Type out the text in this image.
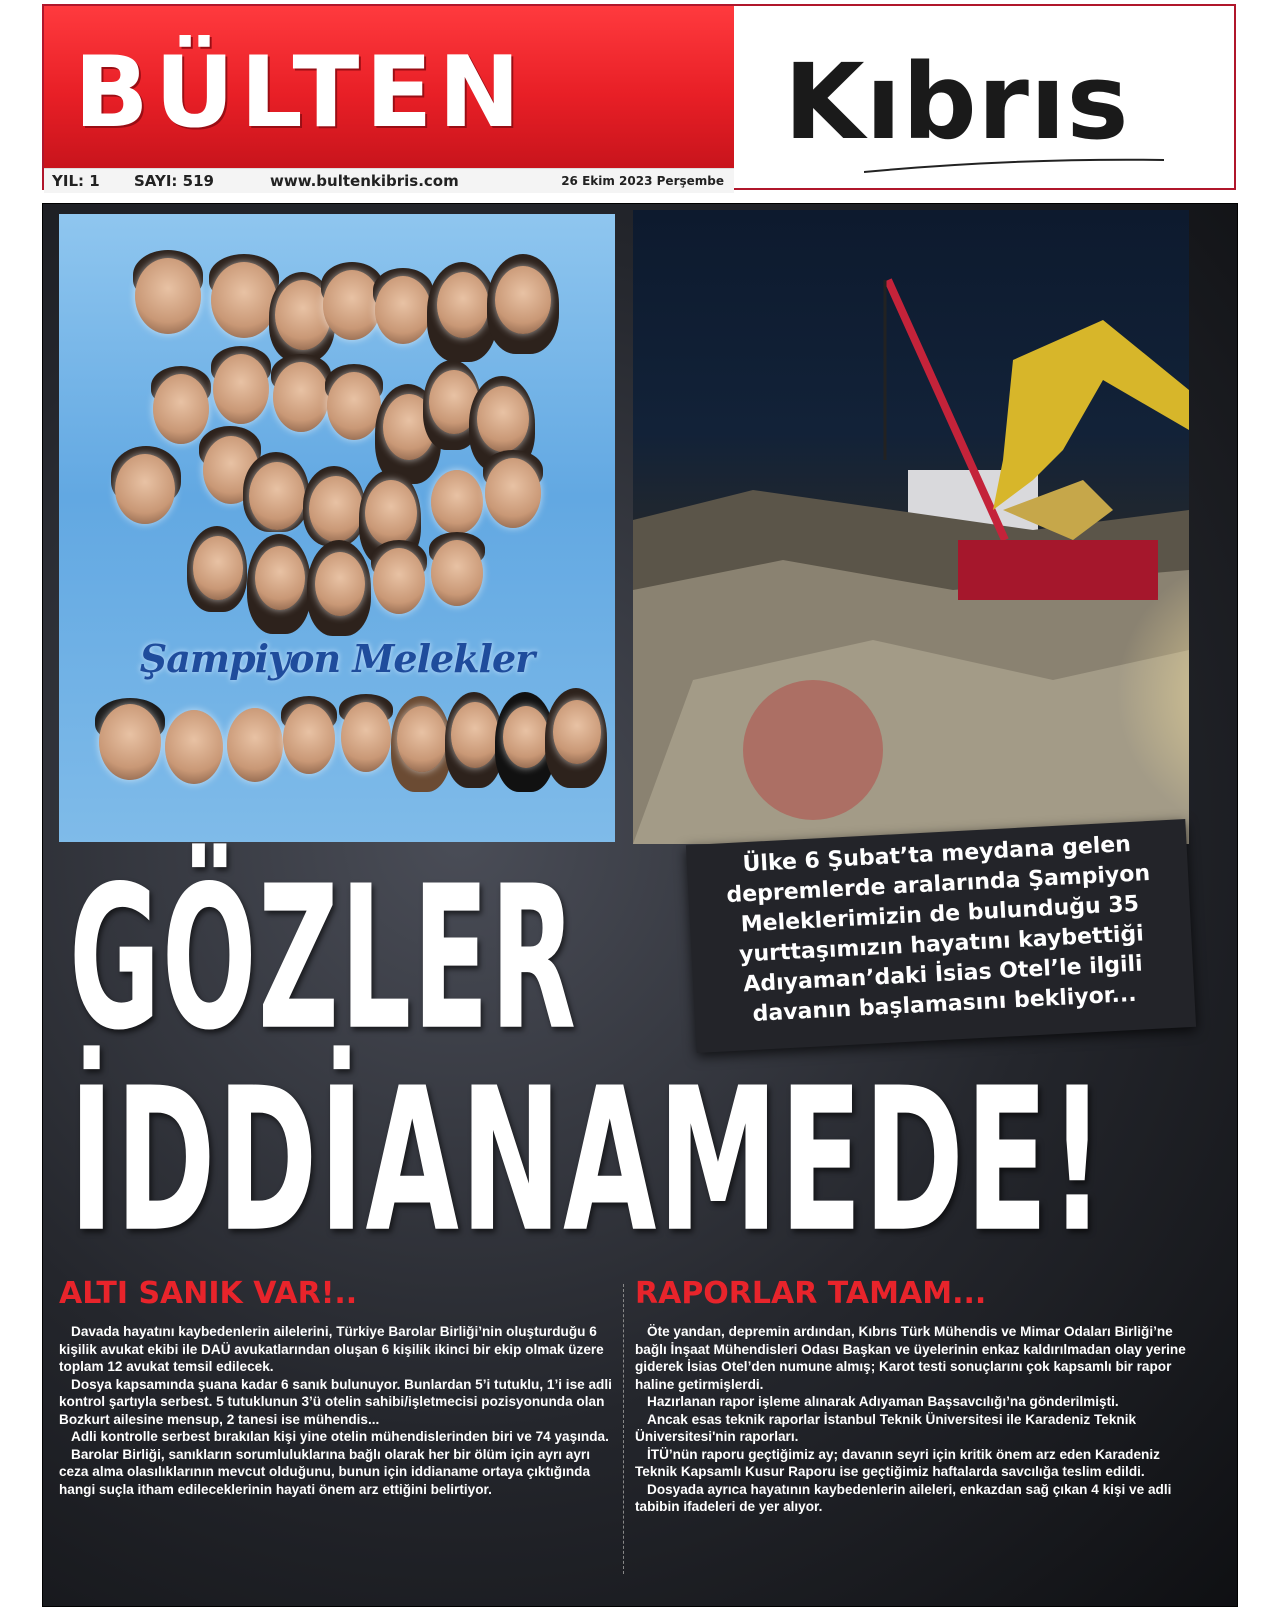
BÜLTEN Kıbrıs
YIL: 1 SAYI: 519	www.bultenkibris.com	26 Ekim 2023 Perşembe
Şampiyon Melekler
GÖZLER
İDDİANAMEDE!
Ülke 6 Şubat’ta meydana gelen depremlerde aralarında Şampiyon Meleklerimizin de bulunduğu 35 yurttaşımızın hayatını kaybettiği Adıyaman’daki İsias Otel’le ilgili davanın başlamasını bekliyor...
ALTI SANIK VAR!..

Davada hayatını kaybedenlerin ailelerini, Türkiye Barolar Birliği’nin oluşturduğu 6 kişilik avukat ekibi ile DAÜ avukatlarından oluşan 6 kişilik ikinci bir ekip olmak üzere toplam 12 avukat temsil edilecek.

Dosya kapsamında şuana kadar 6 sanık bulunuyor. Bunlardan 5’i tutuklu, 1’i ise adli kontrol şartıyla serbest. 5 tutuklunun 3’ü otelin sahibi/işletmecisi pozisyonunda olan Bozkurt ailesine mensup, 2 tanesi ise mühendis...

Adli kontrolle serbest bırakılan kişi yine otelin mühendislerinden biri ve 74 yaşında.

Barolar Birliği, sanıkların sorumluluklarına bağlı olarak her bir ölüm için ayrı ayrı ceza alma olasılıklarının mevcut olduğunu, bunun için iddianame ortaya çıktığında hangi suçla itham edileceklerinin hayati önem arz ettiğini belirtiyor.

RAPORLAR TAMAM...

Öte yandan, depremin ardından, Kıbrıs Türk Mühendis ve Mimar Odaları Birliği’ne bağlı İnşaat Mühendisleri Odası Başkan ve üyelerinin enkaz kaldırılmadan olay yerine giderek İsias Otel’den numune almış; Karot testi sonuçlarını çok kapsamlı bir rapor haline getirmişlerdi.

Hazırlanan rapor işleme alınarak Adıyaman Başsavcılığı’na gönderilmişti.

Ancak esas teknik raporlar İstanbul Teknik Üniversitesi ile Karadeniz Teknik Üniversitesi'nin raporları.

İTÜ’nün raporu geçtiğimiz ay; davanın seyri için kritik önem arz eden Karadeniz Teknik Kapsamlı Kusur Raporu ise geçtiğimiz haftalarda savcılığa teslim edildi.

Dosyada ayrıca hayatının kaybedenlerin aileleri, enkazdan sağ çıkan 4 kişi ve adli tabibin ifadeleri de yer alıyor.
